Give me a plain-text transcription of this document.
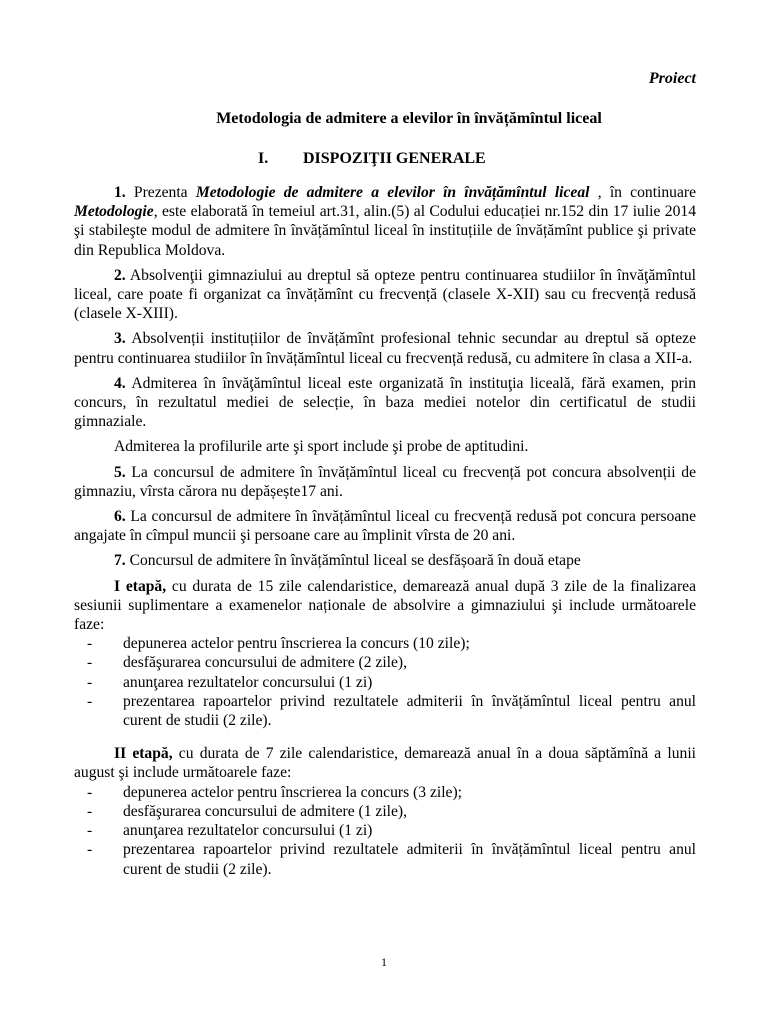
Proiect
Metodologia de admitere a elevilor în învățămîntul liceal
I. DISPOZIŢII GENERALE

1. Prezenta Metodologie de admitere a elevilor în învățămîntul liceal , în continuare Metodologie, este elaborată în temeiul art.31, alin.(5) al Codului educației nr.152 din 17 iulie 2014 şi stabileşte modul de admitere în învățămîntul liceal în instituțiile de învățămînt publice şi private din Republica Moldova.

2. Absolvenţii gimnaziului au dreptul să opteze pentru continuarea studiilor în învăţămîntul liceal, care poate fi organizat ca învățămînt cu frecvență (clasele X-XII) sau cu frecvență redusă (clasele X-XIII).

3. Absolvenții instituțiilor de învățămînt profesional tehnic secundar au dreptul să opteze pentru continuarea studiilor în învățămîntul liceal cu frecvență redusă, cu admitere în clasa a XII-a.

4. Admiterea în învăţămîntul liceal este organizată în instituţia liceală, fără examen, prin concurs, în rezultatul mediei de selecție, în baza mediei notelor din certificatul de studii gimnaziale.

Admiterea la profilurile arte şi sport include şi probe de aptitudini.

5. La concursul de admitere în învățămîntul liceal cu frecvență pot concura absolvenții de gimnaziu, vîrsta cărora nu depășește17 ani.

6. La concursul de admitere în învățămîntul liceal cu frecvență redusă pot concura persoane angajate în cîmpul muncii şi persoane care au împlinit vîrsta de 20 ani.

7. Concursul de admitere în învățămîntul liceal se desfășoară în două etape

I etapă, cu durata de 15 zile calendaristice, demarează anual după 3 zile de la finalizarea sesiunii suplimentare a examenelor naționale de absolvire a gimnaziului şi include următoarele faze:

- depunerea actelor pentru înscrierea la concurs (10 zile);
- desfăşurarea concursului de admitere (2 zile),
- anunţarea rezultatelor concursului (1 zi)
- prezentarea rapoartelor privind rezultatele admiterii în învățămîntul liceal pentru anul curent de studii (2 zile).

II etapă, cu durata de 7 zile calendaristice, demarează anual în a doua săptămînă a lunii august şi include următoarele faze:

- depunerea actelor pentru înscrierea la concurs (3 zile);
- desfăşurarea concursului de admitere (1 zile),
- anunţarea rezultatelor concursului (1 zi)
- prezentarea rapoartelor privind rezultatele admiterii în învățămîntul liceal pentru anul curent de studii (2 zile).
1
